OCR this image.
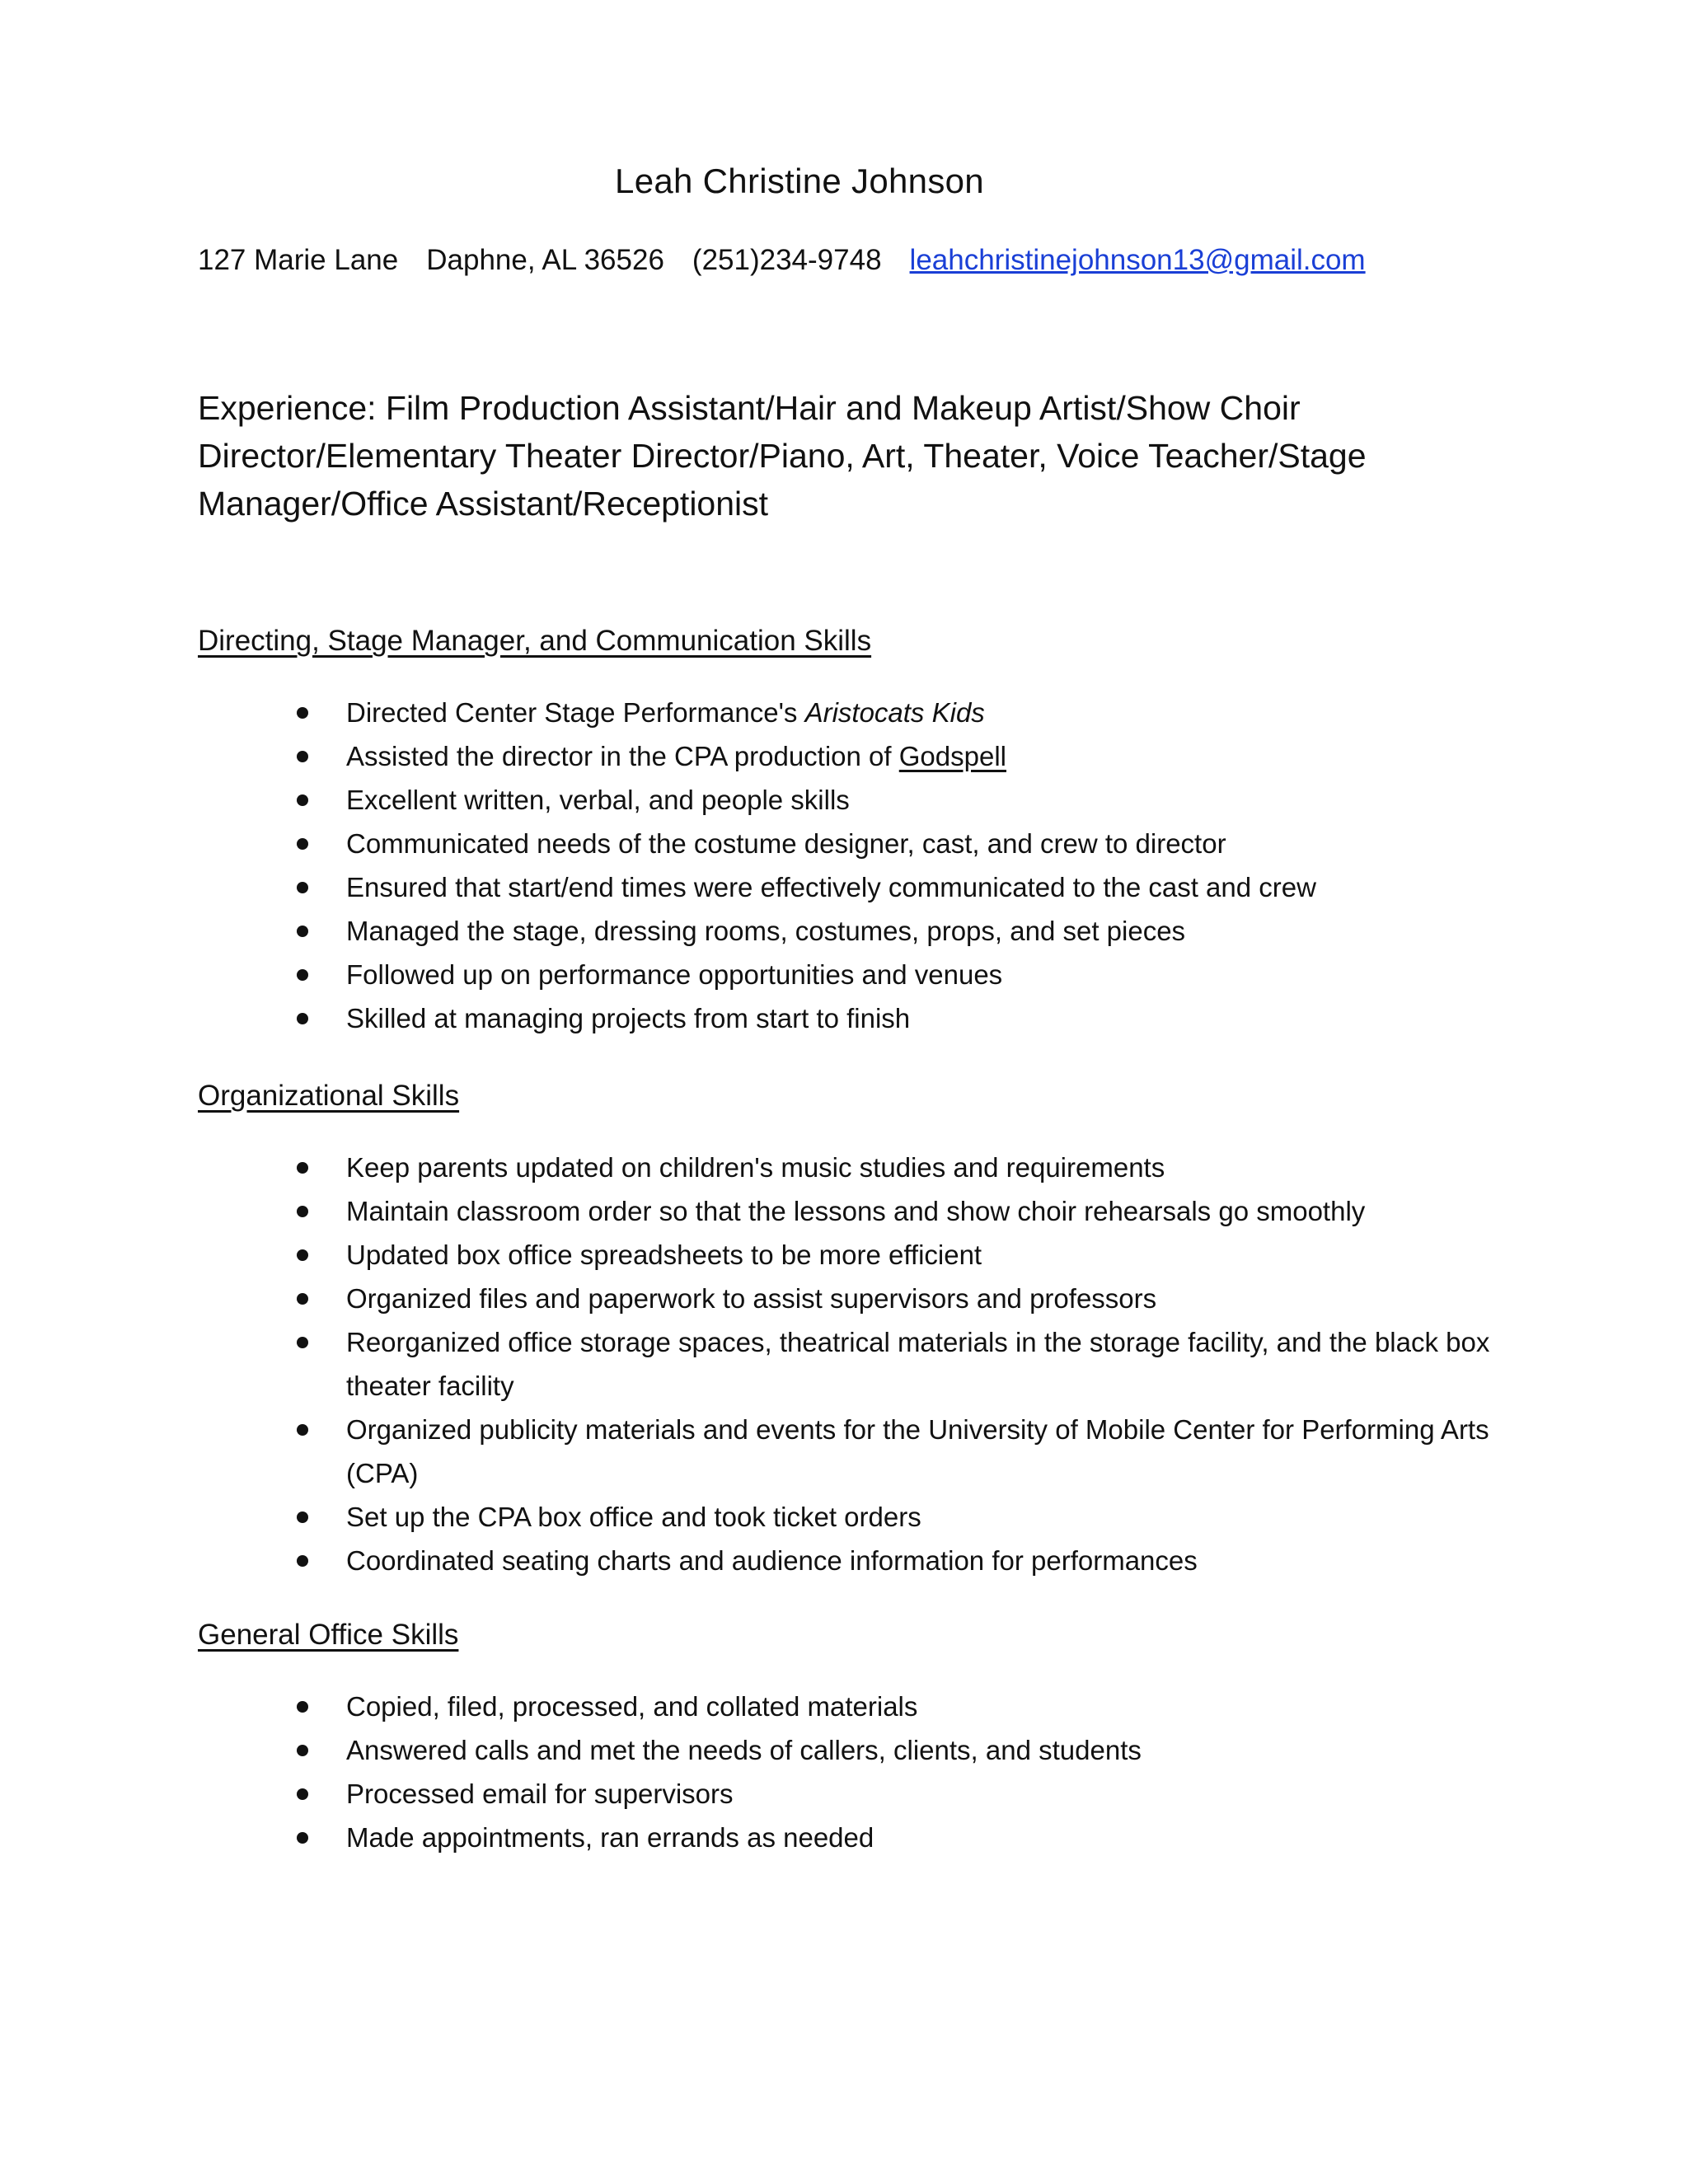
Leah Christine Johnson
127 Marie Lane Daphne, AL 36526 (251)234-9748 leahchristinejohnson13@gmail.com
Experience: Film Production Assistant/Hair and Makeup Artist/Show Choir Director/Elementary Theater Director/Piano, Art, Theater, Voice Teacher/Stage Manager/Office Assistant/Receptionist
Directing, Stage Manager, and Communication Skills
Directed Center Stage Performance's Aristocats Kids
Assisted the director in the CPA production of Godspell
Excellent written, verbal, and people skills
Communicated needs of the costume designer, cast, and crew to director
Ensured that start/end times were effectively communicated to the cast and crew
Managed the stage, dressing rooms, costumes, props, and set pieces
Followed up on performance opportunities and venues
Skilled at managing projects from start to finish
Organizational Skills
Keep parents updated on children's music studies and requirements
Maintain classroom order so that the lessons and show choir rehearsals go smoothly
Updated box office spreadsheets to be more efficient
Organized files and paperwork to assist supervisors and professors
Reorganized office storage spaces, theatrical materials in the storage facility, and the black box theater facility
Organized publicity materials and events for the University of Mobile Center for Performing Arts (CPA)
Set up the CPA box office and took ticket orders
Coordinated seating charts and audience information for performances
General Office Skills
Copied, filed, processed, and collated materials
Answered calls and met the needs of callers, clients, and students
Processed email for supervisors
Made appointments, ran errands as needed
